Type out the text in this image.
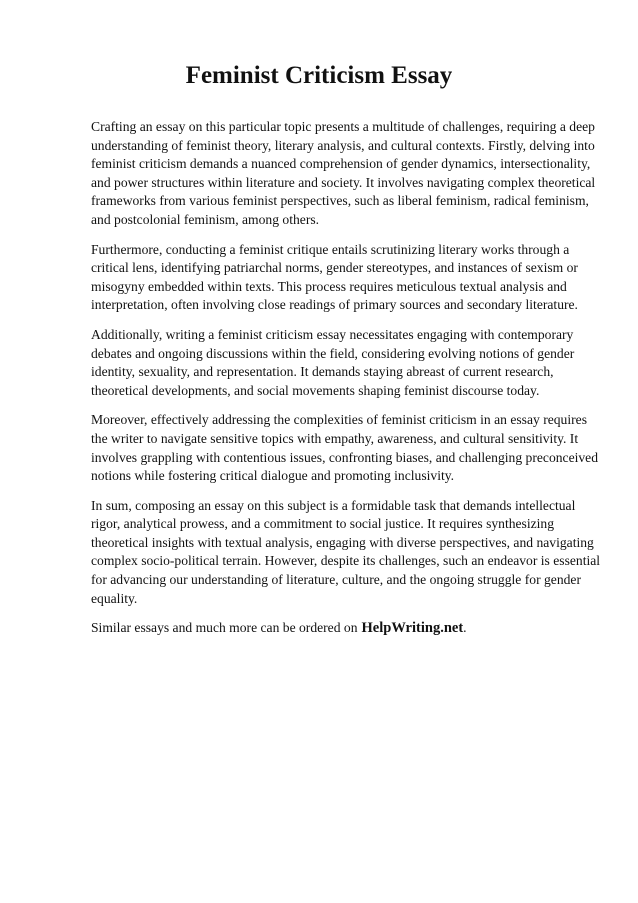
Feminist Criticism Essay

Crafting an essay on this particular topic presents a multitude of challenges, requiring a deep understanding of feminist theory, literary analysis, and cultural contexts. Firstly, delving into feminist criticism demands a nuanced comprehension of gender dynamics, intersectionality, and power structures within literature and society. It involves navigating complex theoretical frameworks from various feminist perspectives, such as liberal feminism, radical feminism, and postcolonial feminism, among others.

Furthermore, conducting a feminist critique entails scrutinizing literary works through a critical lens, identifying patriarchal norms, gender stereotypes, and instances of sexism or misogyny embedded within texts. This process requires meticulous textual analysis and interpretation, often involving close readings of primary sources and secondary literature.

Additionally, writing a feminist criticism essay necessitates engaging with contemporary debates and ongoing discussions within the field, considering evolving notions of gender identity, sexuality, and representation. It demands staying abreast of current research, theoretical developments, and social movements shaping feminist discourse today.

Moreover, effectively addressing the complexities of feminist criticism in an essay requires the writer to navigate sensitive topics with empathy, awareness, and cultural sensitivity. It involves grappling with contentious issues, confronting biases, and challenging preconceived notions while fostering critical dialogue and promoting inclusivity.

In sum, composing an essay on this subject is a formidable task that demands intellectual rigor, analytical prowess, and a commitment to social justice. It requires synthesizing theoretical insights with textual analysis, engaging with diverse perspectives, and navigating complex socio-political terrain. However, despite its challenges, such an endeavor is essential for advancing our understanding of literature, culture, and the ongoing struggle for gender equality.

Similar essays and much more can be ordered on HelpWriting.net.
